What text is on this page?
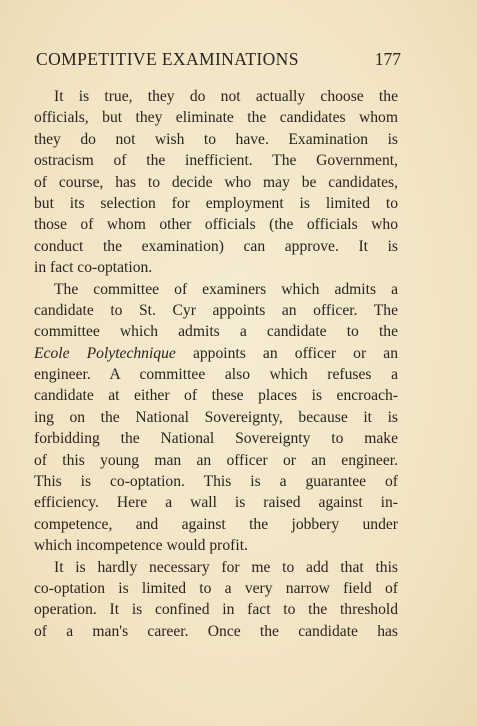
COMPETITIVE EXAMINATIONS	177
It is true, they do not actually choose the
officials, but they eliminate the candidates whom
they do not wish to have. Examination is
ostracism of the inefficient. The Government,
of course, has to decide who may be candidates,
but its selection for employment is limited to
those of whom other officials (the officials who
conduct the examination) can approve. It is
in fact co-optation.
The committee of examiners which admits a
candidate to St. Cyr appoints an officer. The
committee which admits a candidate to the
Ecole Polytechnique appoints an officer or an
engineer. A committee also which refuses a
candidate at either of these places is encroach-
ing on the National Sovereignty, because it is
forbidding the National Sovereignty to make
of this young man an officer or an engineer.
This is co-optation. This is a guarantee of
efficiency. Here a wall is raised against in-
competence, and against the jobbery under
which incompetence would profit.
It is hardly necessary for me to add that this
co-optation is limited to a very narrow field of
operation. It is confined in fact to the threshold
of a man's career. Once the candidate has
